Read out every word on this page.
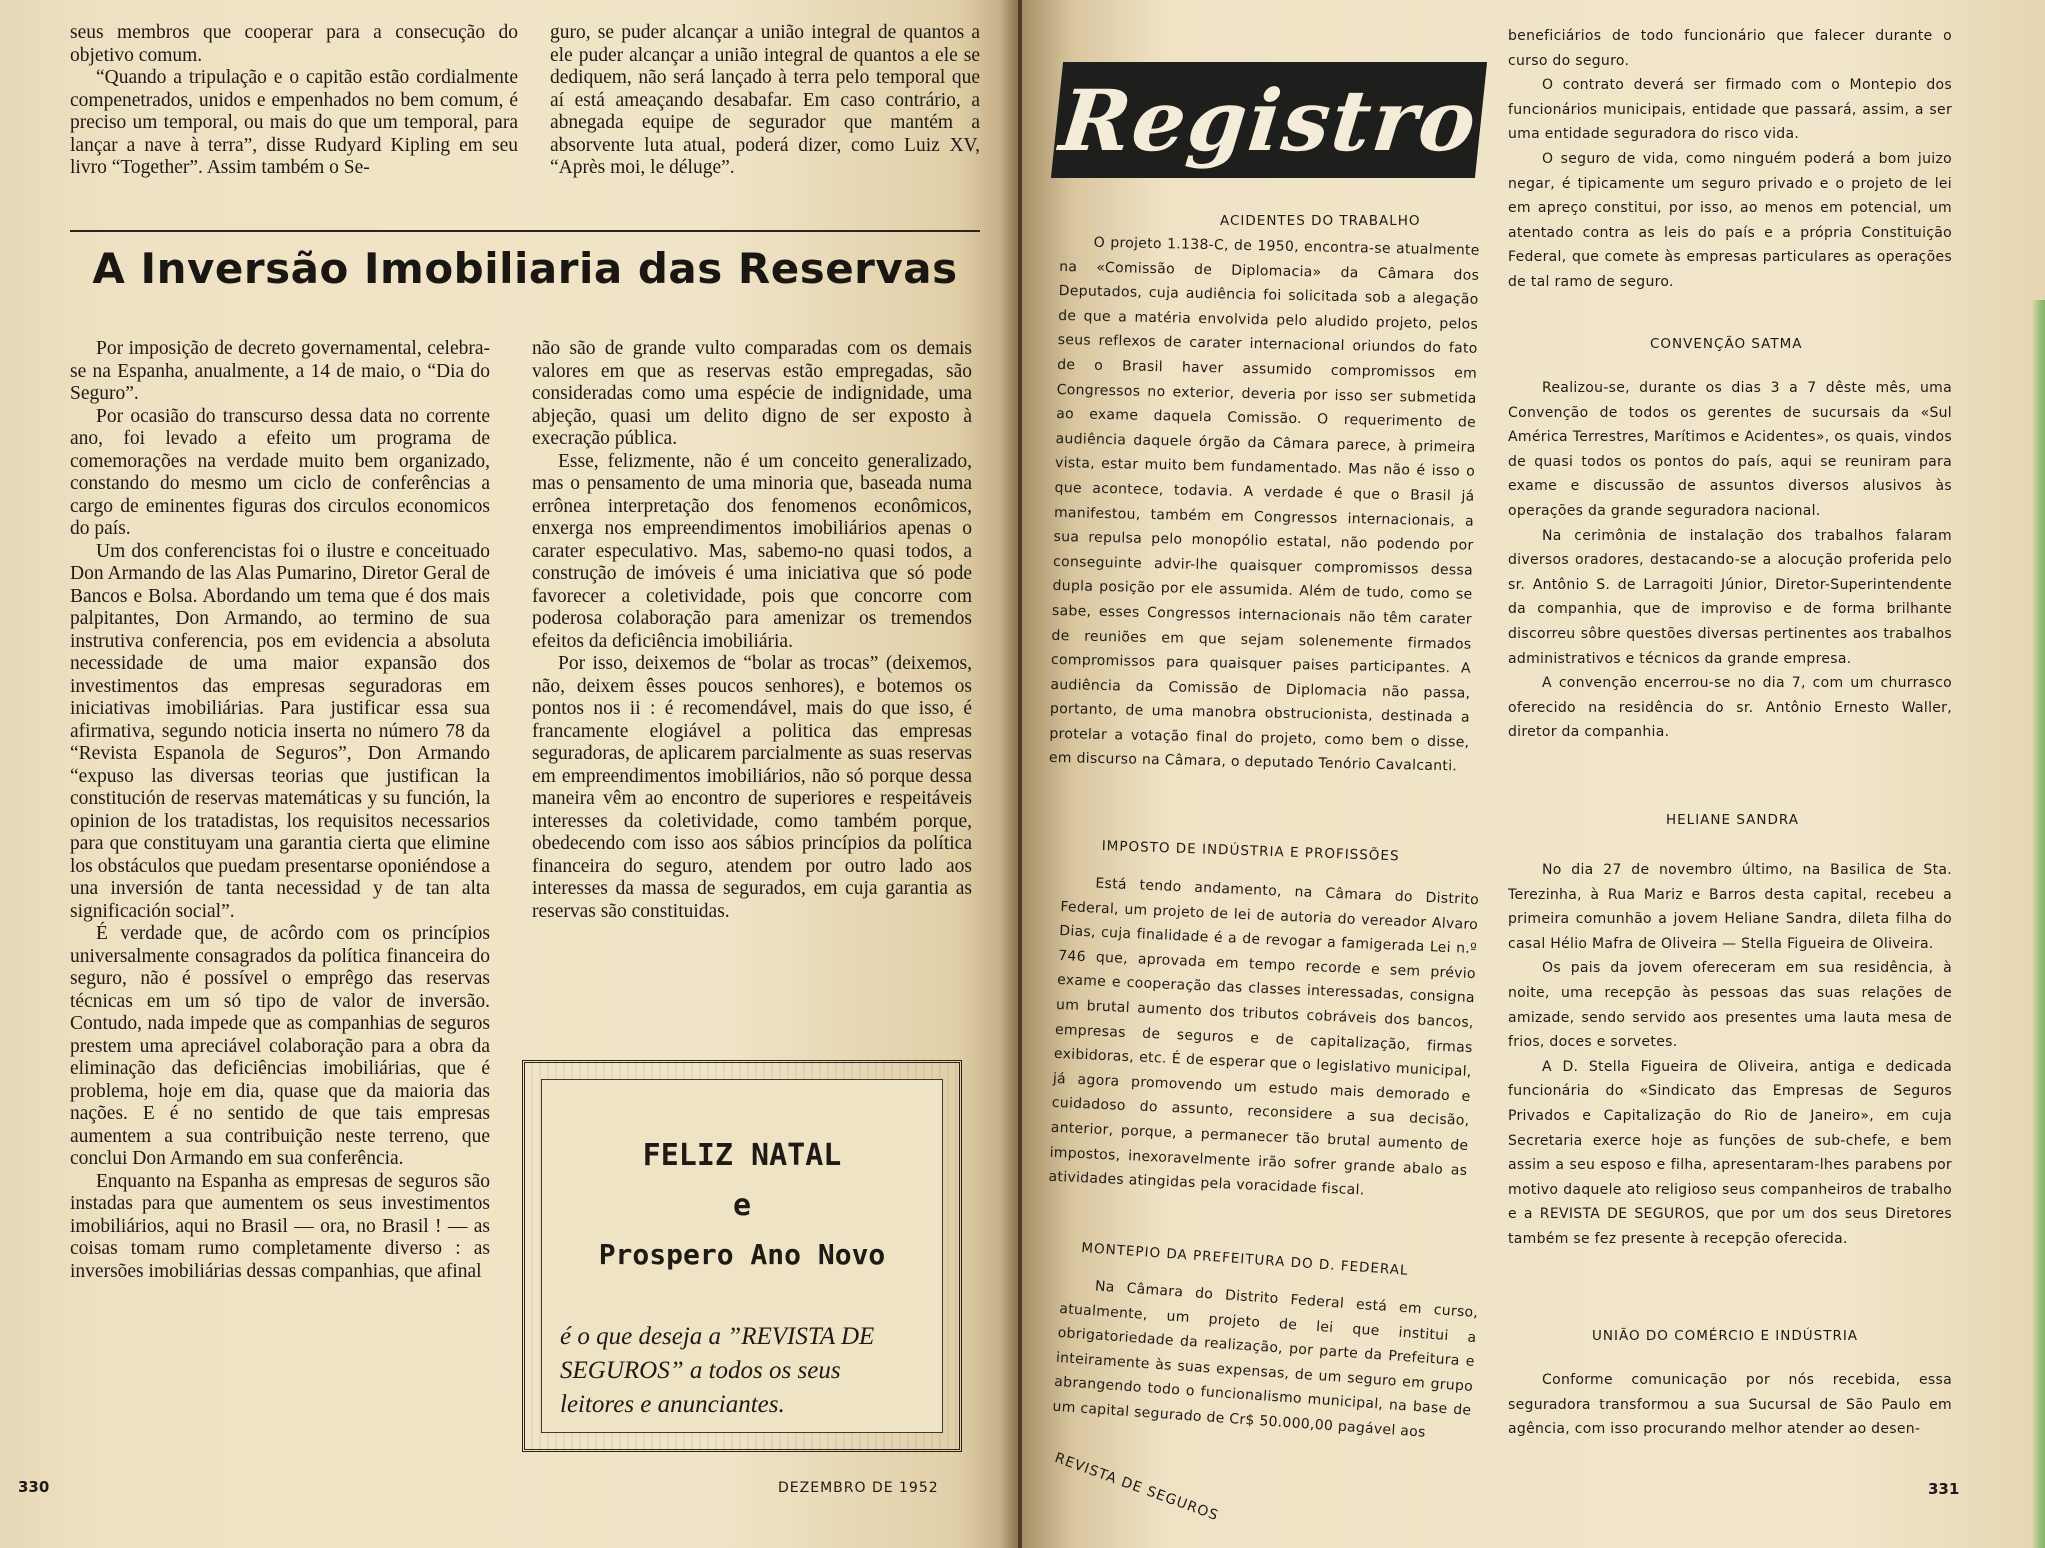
seus membros que cooperar para a consecução do objetivo comum.

“Quando a tripulação e o capitão estão cordialmente compenetrados, unidos e empenhados no bem comum, é preciso um temporal, ou mais do que um temporal, para lançar a nave à terra”, disse Rudyard Kipling em seu livro “Together”. Assim também o Se-

guro, se puder alcançar a união integral de quantos a ele puder alcançar a união integral de quantos a ele se dediquem, não será lançado à terra pelo temporal que aí está ameaçando desabafar. Em caso contrário, a abnegada equipe de segurador que mantém a absorvente luta atual, poderá dizer, como Luiz XV, “Après moi, le déluge”.

A Inversão Imobiliaria das Reservas

Por imposição de decreto governamental, celebra-se na Espanha, anualmente, a 14 de maio, o “Dia do Seguro”.

Por ocasião do transcurso dessa data no corrente ano, foi levado a efeito um programa de comemorações na verdade muito bem organizado, constando do mesmo um ciclo de conferências a cargo de eminentes figuras dos circulos economicos do país.

Um dos conferencistas foi o ilustre e conceituado Don Armando de las Alas Pumarino, Diretor Geral de Bancos e Bolsa. Abordando um tema que é dos mais palpitantes, Don Armando, ao termino de sua instrutiva conferencia, pos em evidencia a absoluta necessidade de uma maior expansão dos investimentos das empresas seguradoras em iniciativas imobiliárias. Para justificar essa sua afirmativa, segundo noticia inserta no número 78 da “Revista Espanola de Seguros”, Don Armando “expuso las diversas teorias que justifican la constitución de reservas matemáticas y su función, la opinion de los tratadistas, los requisitos necessarios para que constituyam una garantia cierta que elimine los obstáculos que puedam presentarse oponiéndose a una inversión de tanta necessidad y de tan alta significación social”.

É verdade que, de acôrdo com os princípios universalmente consagrados da política financeira do seguro, não é possível o emprêgo das reservas técnicas em um só tipo de valor de inversão. Contudo, nada impede que as companhias de seguros prestem uma apreciável colaboração para a obra da eliminação das deficiências imobiliárias, que é problema, hoje em dia, quase que da maioria das nações. E é no sentido de que tais empresas aumentem a sua contribuição neste terreno, que conclui Don Armando em sua conferência.

Enquanto na Espanha as empresas de seguros são instadas para que aumentem os seus investimentos imobiliários, aqui no Brasil — ora, no Brasil ! — as coisas tomam rumo completamente diverso : as inversões imobiliárias dessas companhias, que afinal

não são de grande vulto comparadas com os demais valores em que as reservas estão empregadas, são consideradas como uma espécie de indignidade, uma abjeção, quasi um delito digno de ser exposto à execração pública.

Esse, felizmente, não é um conceito generalizado, mas o pensamento de uma minoria que, baseada numa errônea interpretação dos fenomenos econômicos, enxerga nos empreendimentos imobiliários apenas o carater especulativo. Mas, sabemo-no quasi todos, a construção de imóveis é uma iniciativa que só pode favorecer a coletividade, pois que concorre com poderosa colaboração para amenizar os tremendos efeitos da deficiência imobiliária.

Por isso, deixemos de “bolar as trocas” (deixemos, não, deixem êsses poucos senhores), e botemos os pontos nos ii : é recomendável, mais do que isso, é francamente elogiável a politica das empresas seguradoras, de aplicarem parcialmente as suas reservas em empreendimentos imobiliários, não só porque dessa maneira vêm ao encontro de superiores e respeitáveis interesses da coletividade, como também porque, obedecendo com isso aos sábios princípios da política financeira do seguro, atendem por outro lado aos interesses da massa de segurados, em cuja garantia as reservas são constituidas.

FELIZ NATAL

e

Prospero Ano Novo

é o que deseja a ”REVISTA DE SEGUROS” a todos os seus leitores e anunciantes.

330	DEZEMBRO DE 1952
Registro

ACIDENTES DO TRABALHO

O projeto 1.138-C, de 1950, encontra-se atualmente na «Comissão de Diplomacia» da Câmara dos Deputados, cuja audiência foi solicitada sob a alegação de que a matéria envolvida pelo aludido projeto, pelos seus reflexos de carater internacional oriundos do fato de o Brasil haver assumido compromissos em Congressos no exterior, deveria por isso ser submetida ao exame daquela Comissão. O requerimento de audiência daquele órgão da Câmara parece, à primeira vista, estar muito bem fundamentado. Mas não é isso o que acontece, todavia. A verdade é que o Brasil já manifestou, também em Congressos internacionais, a sua repulsa pelo monopólio estatal, não podendo por conseguinte advir-lhe quaisquer compromissos dessa dupla posição por ele assumida. Além de tudo, como se sabe, esses Congressos internacionais não têm carater de reuniões em que sejam solenemente firmados compromissos para quaisquer paises participantes. A audiência da Comissão de Diplomacia não passa, portanto, de uma manobra obstrucionista, destinada a protelar a votação final do projeto, como bem o disse, em discurso na Câmara, o deputado Tenório Cavalcanti.

IMPOSTO DE INDÚSTRIA E PROFISSÕES

Está tendo andamento, na Câmara do Distrito Federal, um projeto de lei de autoria do vereador Alvaro Dias, cuja finalidade é a de revogar a famigerada Lei n.º 746 que, aprovada em tempo recorde e sem prévio exame e cooperação das classes interessadas, consigna um brutal aumento dos tributos cobráveis dos bancos, empresas de seguros e de capitalização, firmas exibidoras, etc. É de esperar que o legislativo municipal, já agora promovendo um estudo mais demorado e cuidadoso do assunto, reconsidere a sua decisão, anterior, porque, a permanecer tão brutal aumento de impostos, inexoravelmente irão sofrer grande abalo as atividades atingidas pela voracidade fiscal.

MONTEPIO DA PREFEITURA DO D. FEDERAL

Na Câmara do Distrito Federal está em curso, atualmente, um projeto de lei que institui a obrigatoriedade da realização, por parte da Prefeitura e inteiramente às suas expensas, de um seguro em grupo abrangendo todo o funcionalismo municipal, na base de um capital segurado de Cr$ 50.000,00 pagável aos

beneficiários de todo funcionário que falecer durante o curso do seguro.

O contrato deverá ser firmado com o Montepio dos funcionários municipais, entidade que passará, assim, a ser uma entidade seguradora do risco vida.

O seguro de vida, como ninguém poderá a bom juizo negar, é tipicamente um seguro privado e o projeto de lei em apreço constitui, por isso, ao menos em potencial, um atentado contra as leis do país e a própria Constituição Federal, que comete às empresas particulares as operações de tal ramo de seguro.

CONVENÇÃO SATMA

Realizou-se, durante os dias 3 a 7 dêste mês, uma Convenção de todos os gerentes de sucursais da «Sul América Terrestres, Marítimos e Acidentes», os quais, vindos de quasi todos os pontos do país, aqui se reuniram para exame e discussão de assuntos diversos alusivos às operações da grande seguradora nacional.

Na cerimônia de instalação dos trabalhos falaram diversos oradores, destacando-se a alocução proferida pelo sr. Antônio S. de Larragoiti Júnior, Diretor-Superintendente da companhia, que de improviso e de forma brilhante discorreu sôbre questões diversas pertinentes aos trabalhos administrativos e técnicos da grande empresa.

A convenção encerrou-se no dia 7, com um churrasco oferecido na residência do sr. Antônio Ernesto Waller, diretor da companhia.

HELIANE SANDRA

No dia 27 de novembro último, na Basilica de Sta. Terezinha, à Rua Mariz e Barros desta capital, recebeu a primeira comunhão a jovem Heliane Sandra, dileta filha do casal Hélio Mafra de Oliveira — Stella Figueira de Oliveira.

Os pais da jovem ofereceram em sua residência, à noite, uma recepção às pessoas das suas relações de amizade, sendo servido aos presentes uma lauta mesa de frios, doces e sorvetes.

A D. Stella Figueira de Oliveira, antiga e dedicada funcionária do «Sindicato das Empresas de Seguros Privados e Capitalização do Rio de Janeiro», em cuja Secretaria exerce hoje as funções de sub-chefe, e bem assim a seu esposo e filha, apresentaram-lhes parabens por motivo daquele ato religioso seus companheiros de trabalho e a REVISTA DE SEGUROS, que por um dos seus Diretores também se fez presente à recepção oferecida.

UNIÃO DO COMÉRCIO E INDÚSTRIA

Conforme comunicação por nós recebida, essa seguradora transformou a sua Sucursal de São Paulo em agência, com isso procurando melhor atender ao desen-

REVISTA DE SEGUROS	331
